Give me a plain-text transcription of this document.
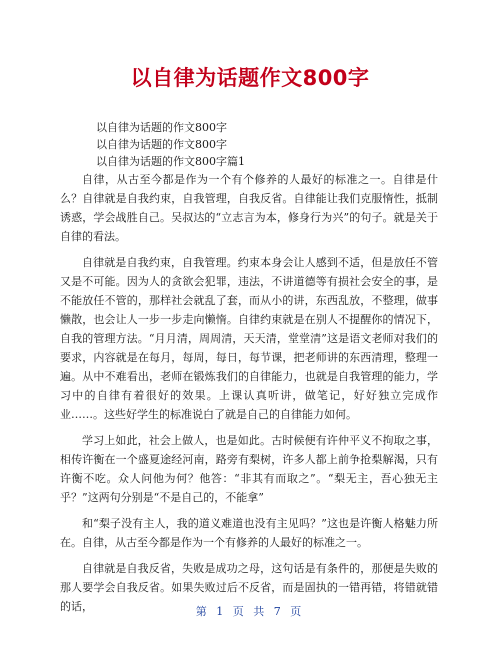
以自律为话题作文800字
以自律为话题的作文800字
以自律为话题的作文800字
以自律为话题的作文800字篇1

自律，从古至今都是作为一个有个修养的人最好的标准之一。自律是什么？自律就是自我约束，自我管理，自我反省。自律能让我们克服惰性，抵制诱惑，学会战胜自己。吴叔达的“立志言为本，修身行为兴”的句子。就是关于自律的看法。

自律就是自我约束，自我管理。约束本身会让人感到不适，但是放任不管又是不可能。因为人的贪欲会犯罪，违法，不讲道德等有损社会安全的事，是不能放任不管的，那样社会就乱了套，而从小的讲，东西乱放，不整理，做事懒散，也会让人一步一步走向懒惰。自律约束就是在别人不提醒你的情况下，自我的管理方法。“月月清，周周清，天天清，堂堂清”这是语文老师对我们的要求，内容就是在每月，每周，每日，每节课，把老师讲的东西清理，整理一遍。从中不难看出，老师在锻炼我们的自律能力，也就是自我管理的能力，学习中的自律有着很好的效果。上课认真听讲，做笔记，好好独立完成作业……。这些好学生的标准说白了就是自己的自律能力如何。

学习上如此，社会上做人，也是如此。古时候便有许仲平义不拘取之事，相传许衡在一个盛夏途经河南，路旁有梨树，许多人都上前争抢梨解渴，只有许衡不吃。众人问他为何？他答：“非其有而取之”。“梨无主，吾心独无主乎？”这两句分别是“不是自己的，不能拿”

和“梨子没有主人，我的道义难道也没有主见吗？”这也是许衡人格魅力所在。自律，从古至今都是作为一个有修养的人最好的标准之一。

自律就是自我反省，失败是成功之母，这句话是有条件的，那便是失败的那人要学会自我反省。如果失败过后不反省，而是固执的一错再错，将错就错的话，	第 1 页 共 7 页
